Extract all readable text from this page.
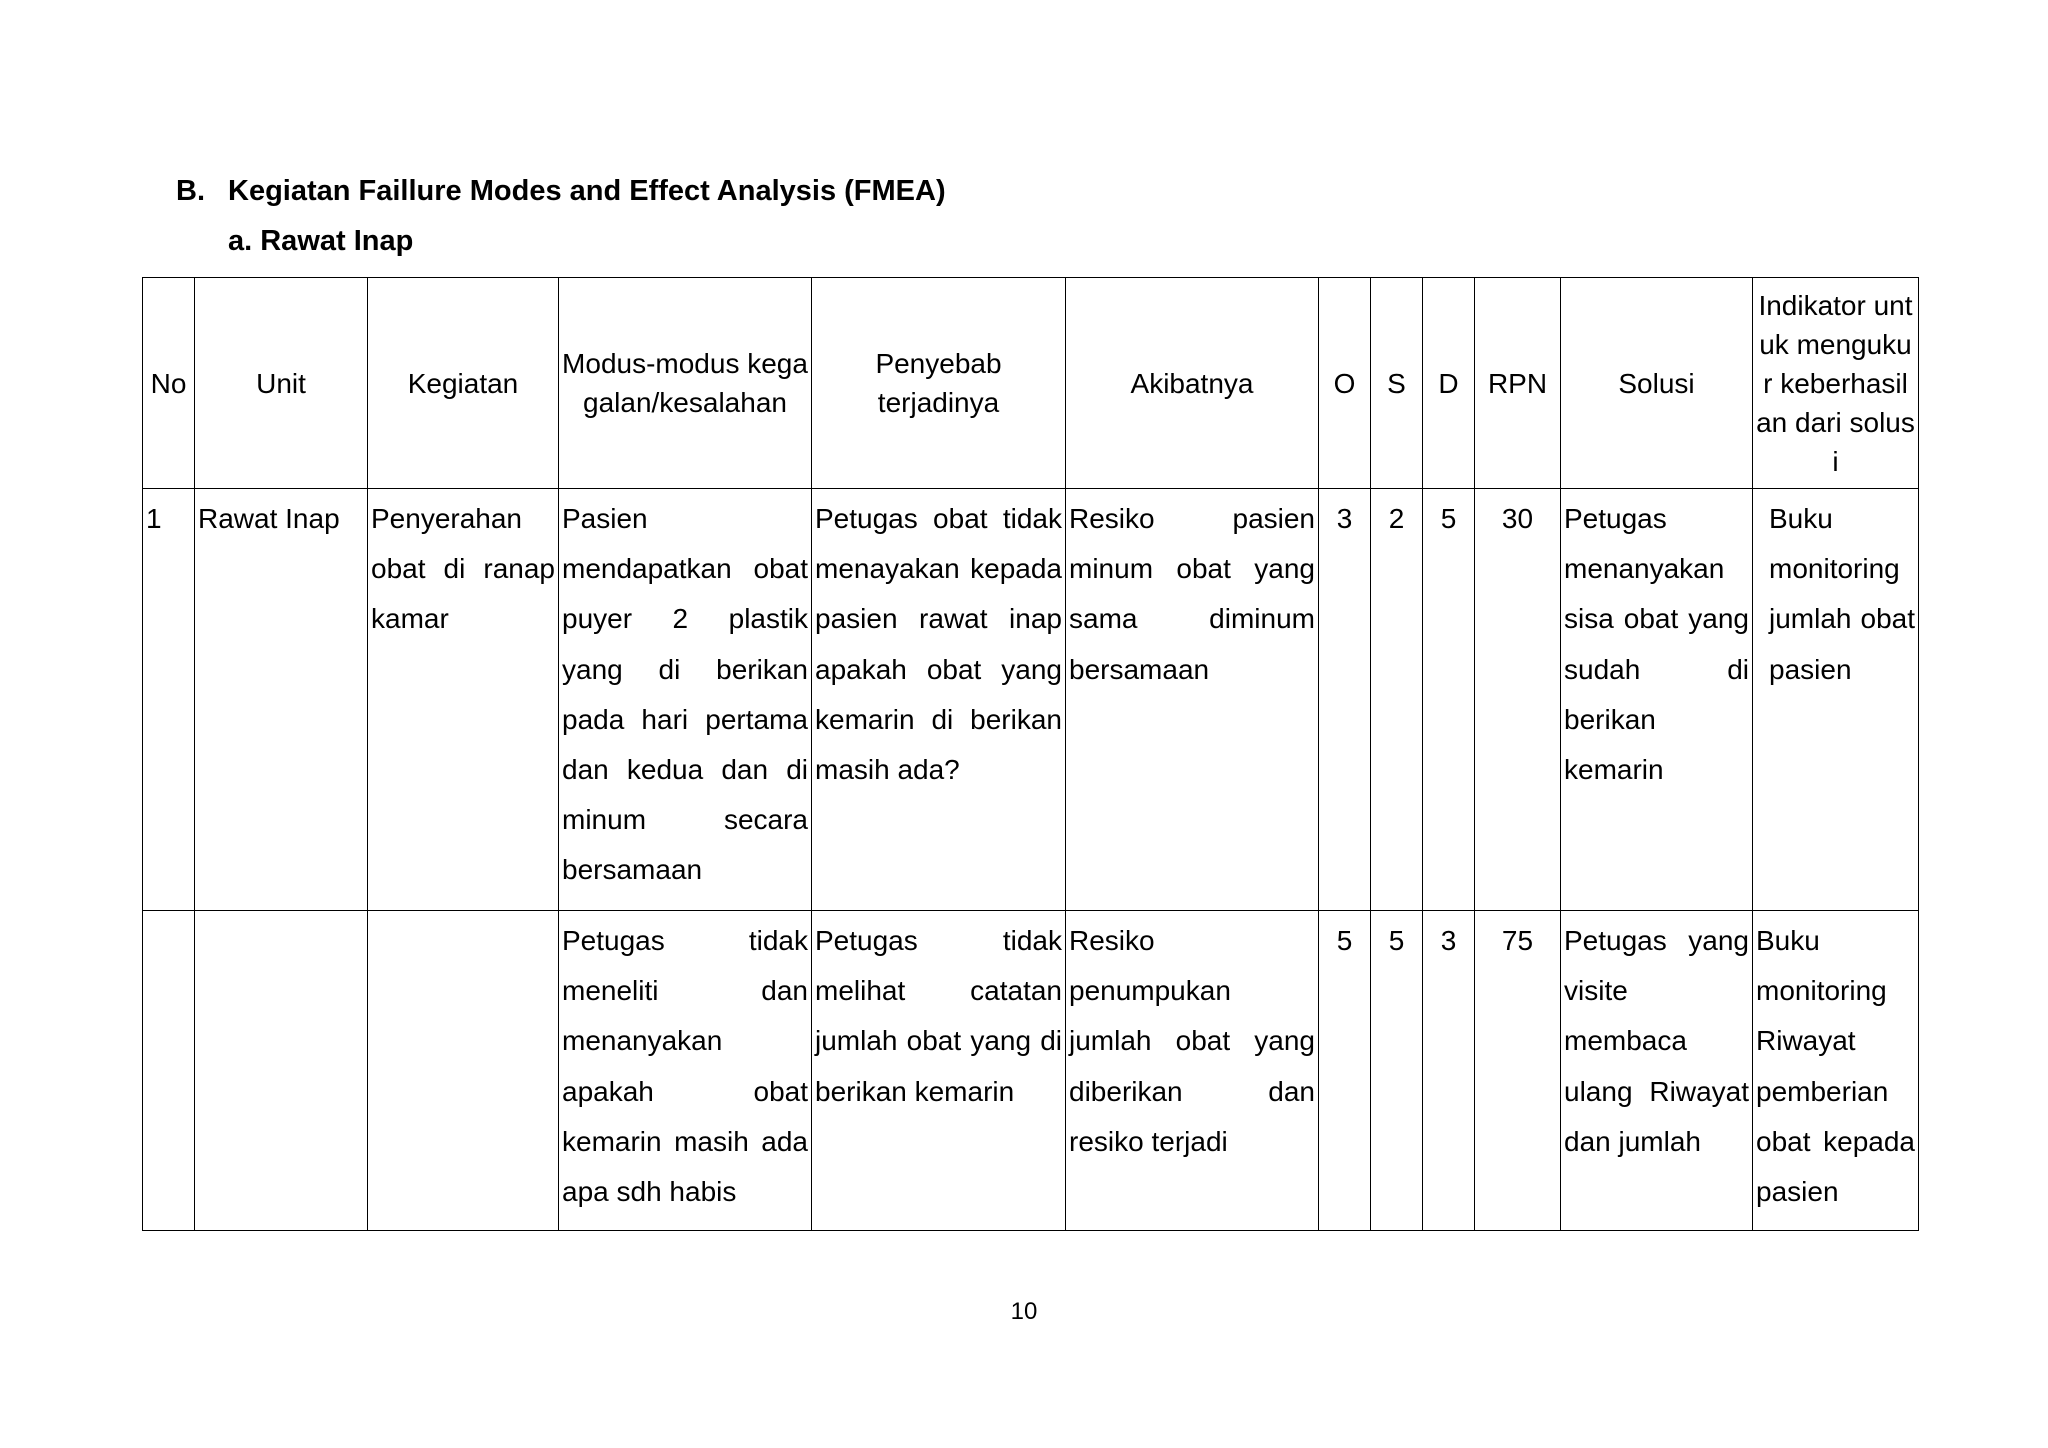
B. Kegiatan Faillure Modes and Effect Analysis (FMEA)
a. Rawat Inap
No	Unit	Kegiatan	Modus-modus kegagalan/kesalahan	Penyebab terjadinya	Akibatnya	O	S	D	RPN	Solusi	Indikator untuk mengukur keberhasilan dari solusi
1	Rawat Inap	Penyerahan obat di ranap kamar	Pasien mendapatkan obat puyer 2 plastik yang di berikan pada hari pertama dan kedua dan di minum secara bersamaan	Petugas obat tidak menayakan kepada pasien rawat inap apakah obat yang kemarin di berikan masih ada?	Resiko pasien minum obat yang sama diminum bersamaan	3	2	5	30	Petugas menanyakan sisa obat yang sudah di berikan kemarin	Buku monitoring jumlah obat pasien
			Petugas tidak meneliti dan menanyakan apakah obat kemarin masih ada apa sdh habis	Petugas tidak melihat catatan jumlah obat yang di berikan kemarin	Resiko penumpukan jumlah obat yang diberikan dan resiko terjadi	5	5	3	75	Petugas yang visite membaca ulang Riwayat dan jumlah	Buku monitoring Riwayat pemberian obat kepada pasien
10
